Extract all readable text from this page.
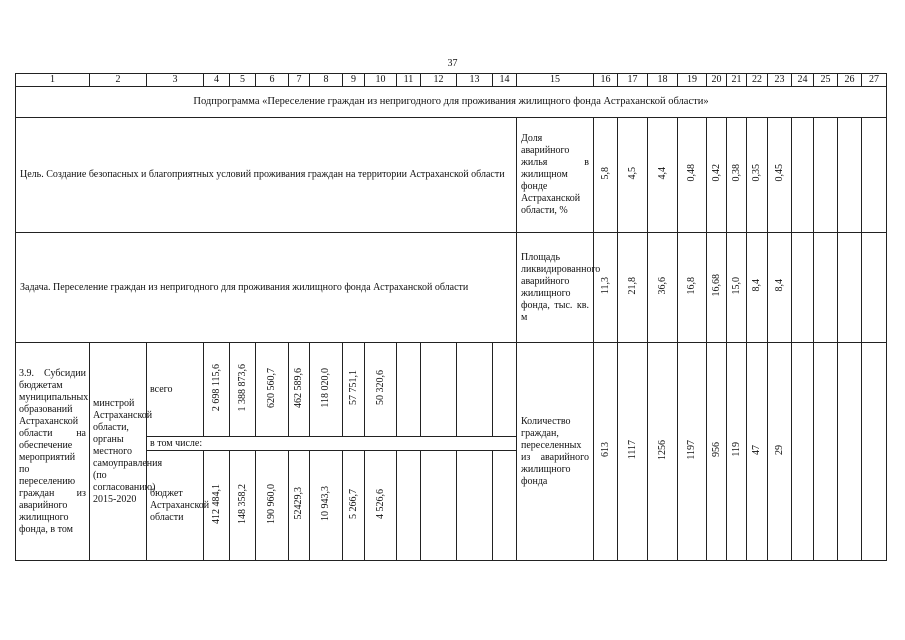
37
1	2	3	4	5	6	7	8	9	10	11	12	13	14	15	16	17	18	19	20	21	22	23	24	25	26	27
Подпрограмма «Переселение граждан из непригодного для проживания жилищного фонда Астраханской области»																										
Цель. Создание безопасных и благоприятных условий проживания граждан на территории Астраханской области														Доля аварийного жилья в жилищном фонде Астраханской области, %	5,8	4,5	4,4	0,48	0,42	0,38	0,35	0,45				
Задача. Переселение граждан из непригодного для проживания жилищного фонда Астраханской области														Площадь ликвидированного аварийного жилищного фонда, тыс. кв. м	11,3	21,8	36,6	16,8	16,68	15,0	8,4	8,4				
3.9. Субсидии бюджетам муниципальных образований Астраханской области на обеспечение мероприятий по переселению граждан из аварийного жилищного фонда, в том	минстрой Астраханской области, органы местного самоуправления (по согласованию) 2015-2020	всего	2 698 115,6	1 388 873,6	620 560,7	462 589,6	118 020,0	57 751,1	50 320,6					Количество граждан, переселенных из аварийного жилищного фонда	613	1117	1256	1197	956	119	47	29				
		в том числе:																								
		бюджет Астраханской области	412 484,1	148 358,2	190 960,0	52429,3	10 943,3	5 266,7	4 526,6																	
